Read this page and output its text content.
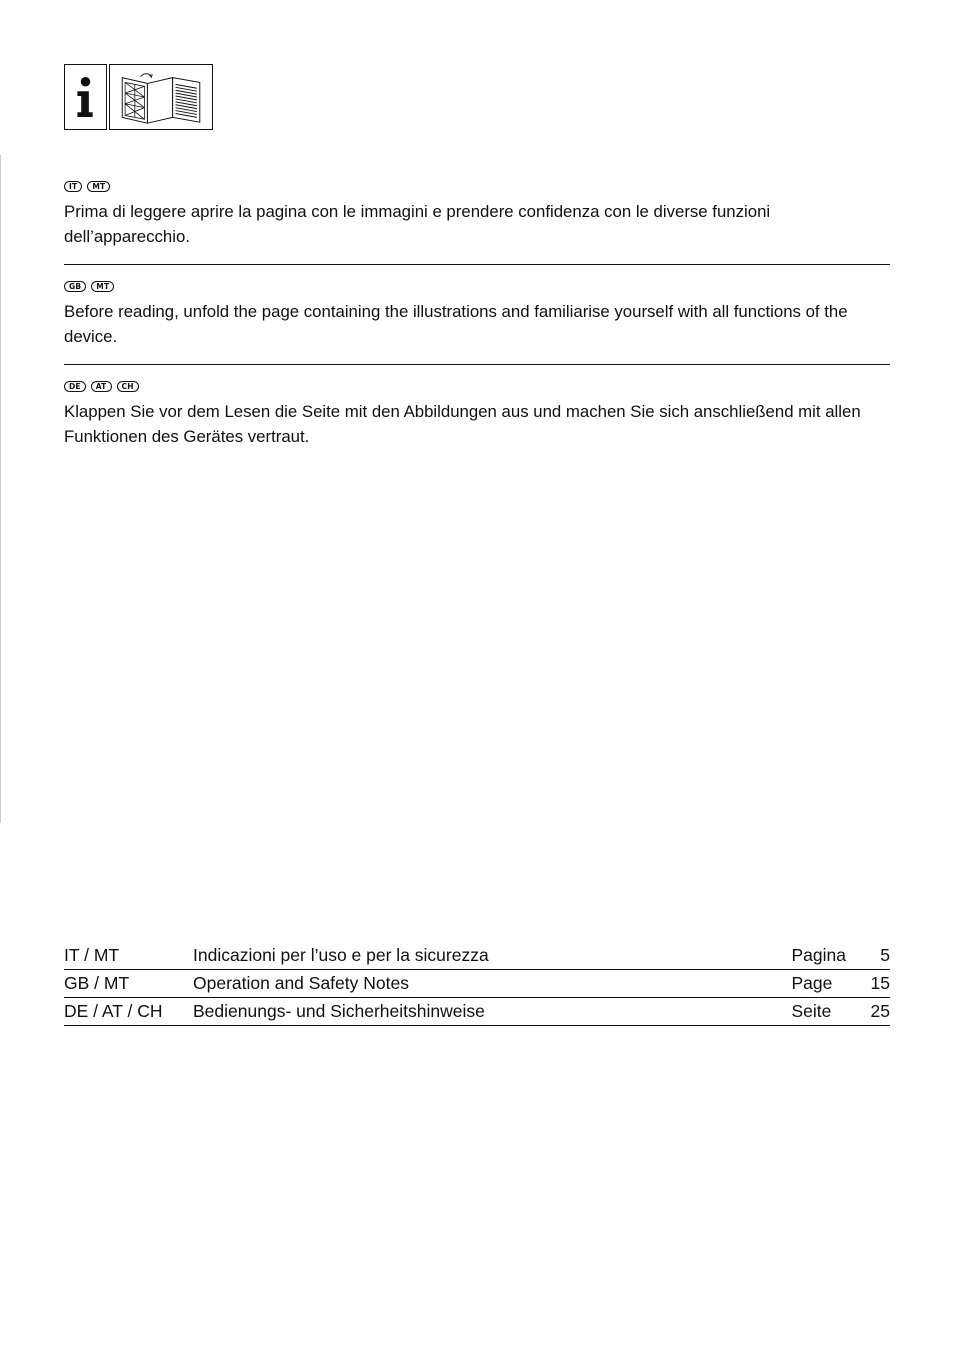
IT	MT

Prima di leggere aprire la pagina con le immagini e prendere confidenza con le diverse funzioni dell’apparecchio.

GB	MT

Before reading, unfold the page containing the illustrations and familiarise yourself with all functions of the device.

DE	AT	CH

Klappen Sie vor dem Lesen die Seite mit den Abbildungen aus und machen Sie sich anschließend mit allen Funktionen des Gerätes vertraut.

IT / MT	Indicazioni per l’uso e per la sicurezza	Pagina	5
GB / MT	Operation and Safety Notes	Page	15
DE / AT / CH	Bedienungs- und Sicherheitshinweise	Seite	25
